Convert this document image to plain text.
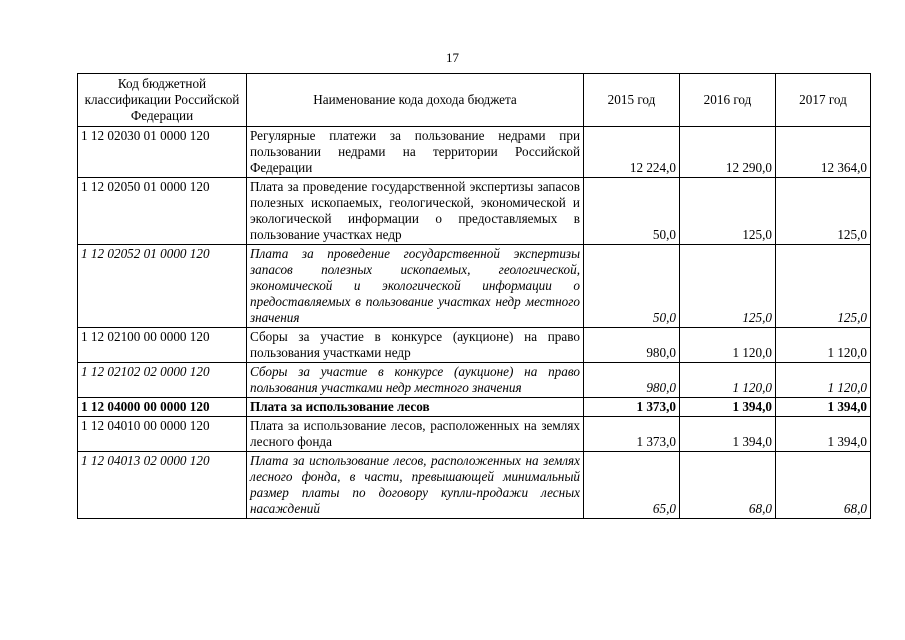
17
Код бюджетной классификации Российской Федерации	Наименование кода дохода бюджета	2015 год	2016 год	2017 год
1 12 02030 01 0000 120	Регулярные платежи за пользование недрами при пользовании недрами на территории Российской Федерации	12 224,0	12 290,0	12 364,0
1 12 02050 01 0000 120	Плата за проведение государственной экспертизы запасов полезных ископаемых, геологической, экономической и экологической информации о предоставляемых в пользование участках недр	50,0	125,0	125,0
1 12 02052 01 0000 120	Плата за проведение государственной экспертизы запасов полезных ископаемых, геологической, экономической и экологической информации о предоставляемых в пользование участках недр местного значения	50,0	125,0	125,0
1 12 02100 00 0000 120	Сборы за участие в конкурсе (аукционе) на право пользования участками недр	980,0	1 120,0	1 120,0
1 12 02102 02 0000 120	Сборы за участие в конкурсе (аукционе) на право пользования участками недр местного значения	980,0	1 120,0	1 120,0
1 12 04000 00 0000 120	Плата за использование лесов	1 373,0	1 394,0	1 394,0
1 12 04010 00 0000 120	Плата за использование лесов, расположенных на землях лесного фонда	1 373,0	1 394,0	1 394,0
1 12 04013 02 0000 120	Плата за использование лесов, расположенных на землях лесного фонда, в части, превышающей минимальный размер платы по договору купли-продажи лесных насаждений	65,0	68,0	68,0
